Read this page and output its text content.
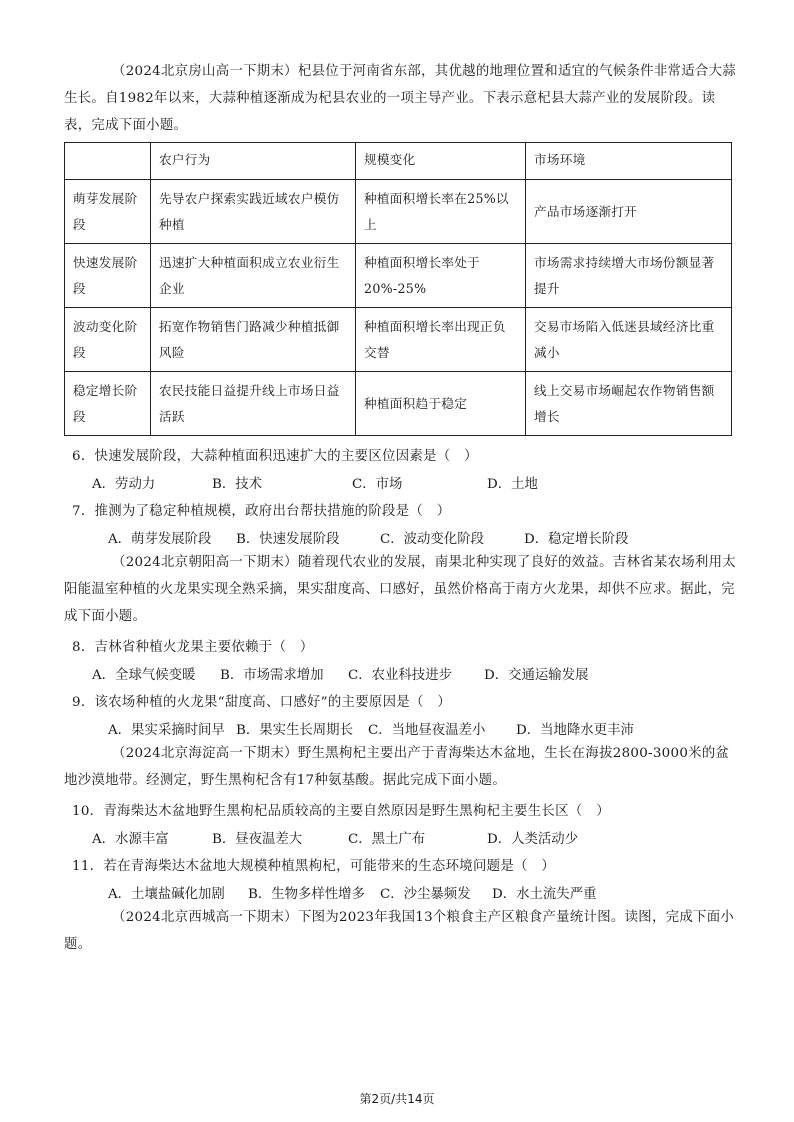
（2024北京房山高一下期末）杞县位于河南省东部，其优越的地理位置和适宜的气候条件非常适合大蒜生长。自1982年以来，大蒜种植逐渐成为杞县农业的一项主导产业。下表示意杞县大蒜产业的发展阶段。读表，完成下面小题。
	农户行为	规模变化	市场环境
萌芽发展阶段	先导农户探索实践近域农户模仿种植	种植面积增长率在25%以上	产品市场逐渐打开
快速发展阶段	迅速扩大种植面积成立农业衍生企业	种植面积增长率处于20%-25%	市场需求持续增大市场份额显著提升
波动变化阶段	拓宽作物销售门路减少种植抵御风险	种植面积增长率出现正负交替	交易市场陷入低迷县域经济比重减小
稳定增长阶段	农民技能日益提升线上市场日益活跃	种植面积趋于稳定	线上交易市场崛起农作物销售额增长
6．快速发展阶段，大蒜种植面积迅速扩大的主要区位因素是（　）
A．劳动力	B．技术	C．市场	D．土地
7．推测为了稳定种植规模，政府出台帮扶措施的阶段是（　）
A．萌芽发展阶段 B．快速发展阶段	C．波动变化阶段	D．稳定增长阶段
（2024北京朝阳高一下期末）随着现代农业的发展，南果北种实现了良好的效益。吉林省某农场利用太阳能温室种植的火龙果实现全熟采摘，果实甜度高、口感好，虽然价格高于南方火龙果，却供不应求。据此，完成下面小题。
8．吉林省种植火龙果主要依赖于（　）
A．全球气候变暖 B．市场需求增加 C．农业科技进步 D．交通运输发展
9．该农场种植的火龙果“甜度高、口感好”的主要原因是（　）
A．果实采摘时间早 B．果实生长周期长 C．当地昼夜温差小 D．当地降水更丰沛
（2024北京海淀高一下期末）野生黑枸杞主要出产于青海柴达木盆地，生长在海拔2800-3000米的盆地沙漠地带。经测定，野生黑枸杞含有17种氨基酸。据此完成下面小题。
10．青海柴达木盆地野生黑枸杞品质较高的主要自然原因是野生黑枸杞主要生长区（　）
A．水源丰富	B．昼夜温差大	C．黑土广布	D．人类活动少
11．若在青海柴达木盆地大规模种植黑枸杞，可能带来的生态环境问题是（　）
A．土壤盐碱化加剧 B．生物多样性增多 C．沙尘暴频发 D．水土流失严重
（2024北京西城高一下期末）下图为2023年我国13个粮食主产区粮食产量统计图。读图，完成下面小题。
第2页/共14页
